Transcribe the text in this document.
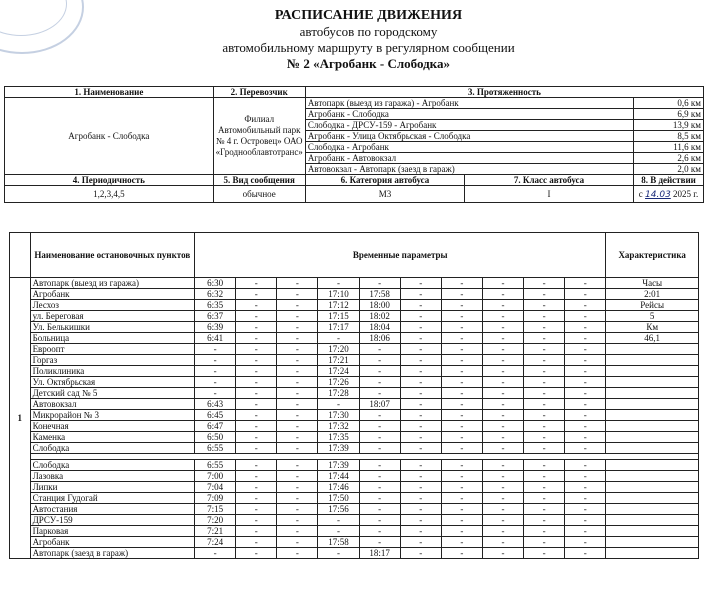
РАСПИСАНИЕ ДВИЖЕНИЯ
автобусов по городскому
автомобильному маршруту в регулярном сообщении
№ 2 «Агробанк - Слободка»
1. Наименование	2. Перевозчик	3. Протяженность		
Агробанк - Слободка	Филиал
Автомобильный парк
№ 4 г. Островец» ОАО
«Гроднооблавтотранс»	Автопарк (выезд из гаража) - Агробанк		0,6 км
		Агробанк - Слободка		6,9 км
		Слободка - ДРСУ-159 - Агробанк		13,9 км
		Агробанк - Улица Октябрьская - Слободка		8,5 км
		Слободка - Агробанк		11,6 км
		Агробанк - Автовокзал		2,6 км
		Автовокзал - Автопарк (заезд в гараж)		2,0 км
4. Периодичность	5. Вид сообщения	6. Категория автобуса	7. Класс автобуса	8. В действии
1,2,3,4,5	обычное	М3	I	с 14.03 2025 г.
	Наименование остановочных пунктов	Временные параметры										Характеристика
1	Автопарк (выезд из гаража)	6:30	-	-	-	-	-	-	-	-	-	Часы
	Агробанк	6:32	-	-	17:10	17:58	-	-	-	-	-	2:01
	Лесхоз	6:35	-	-	17:12	18:00	-	-	-	-	-	Рейсы
	ул. Береговая	6:37	-	-	17:15	18:02	-	-	-	-	-	5
	Ул. Белькишки	6:39	-	-	17:17	18:04	-	-	-	-	-	Км
	Больница	6:41	-	-	-	18:06	-	-	-	-	-	46,1
	Евроопт	-	-	-	17:20	-	-	-	-	-	-	
	Горгаз	-	-	-	17:21	-	-	-	-	-	-	
	Поликлиника	-	-	-	17:24	-	-	-	-	-	-	
	Ул. Октябрьская	-	-	-	17:26	-	-	-	-	-	-	
	Детский сад № 5	-	-	-	17:28	-	-	-	-	-	-	
	Автовокзал	6:43	-	-	-	18:07	-	-	-	-	-	
	Микрорайон № 3	6:45	-	-	17:30	-	-	-	-	-	-	
	Конечная	6:47	-	-	17:32	-	-	-	-	-	-	
	Каменка	6:50	-	-	17:35	-	-	-	-	-	-	
	Слободка	6:55	-	-	17:39	-	-	-	-	-	-	

	Слободка	6:55	-	-	17:39	-	-	-	-	-	-	
	Лазовка	7:00	-	-	17:44	-	-	-	-	-	-	
	Липки	7:04	-	-	17:46	-	-	-	-	-	-	
	Станция Гудогай	7:09	-	-	17:50	-	-	-	-	-	-	
	Автостания	7:15	-	-	17:56	-	-	-	-	-	-	
	ДРСУ-159	7:20	-	-	-	-	-	-	-	-	-	
	Парковая	7:21	-	-	-	-	-	-	-	-	-	
	Агробанк	7:24	-	-	17:58	-	-	-	-	-	-	
	Автопарк (заезд в гараж)	-	-	-	-	18:17	-	-	-	-	-	
